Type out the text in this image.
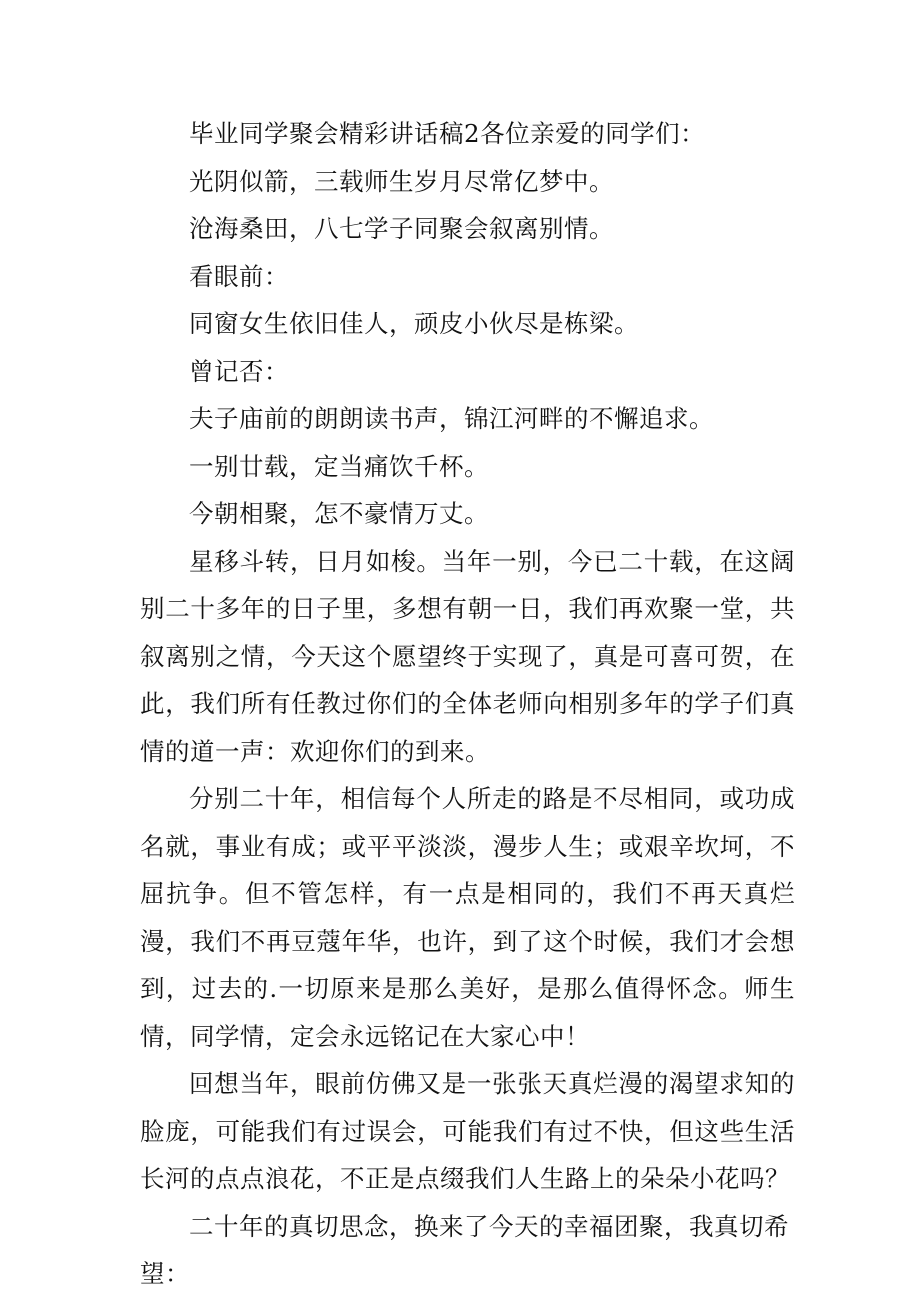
毕业同学聚会精彩讲话稿2各位亲爱的同学们：

光阴似箭，三载师生岁月尽常亿梦中。

沧海桑田，八七学子同聚会叙离别情。

看眼前：

同窗女生依旧佳人，顽皮小伙尽是栋梁。

曾记否：

夫子庙前的朗朗读书声，锦江河畔的不懈追求。

一别廿载，定当痛饮千杯。

今朝相聚，怎不豪情万丈。

星移斗转，日月如梭。当年一别，今已二十载，在这阔别二十多年的日子里，多想有朝一日，我们再欢聚一堂，共叙离别之情，今天这个愿望终于实现了，真是可喜可贺，在此，我们所有任教过你们的全体老师向相别多年的学子们真情的道一声：欢迎你们的到来。

分别二十年，相信每个人所走的路是不尽相同，或功成名就，事业有成；或平平淡淡，漫步人生；或艰辛坎坷，不屈抗争。但不管怎样，有一点是相同的，我们不再天真烂漫，我们不再豆蔻年华，也许，到了这个时候，我们才会想到，过去的.一切原来是那么美好，是那么值得怀念。师生情，同学情，定会永远铭记在大家心中！

回想当年，眼前仿佛又是一张张天真烂漫的渴望求知的脸庞，可能我们有过误会，可能我们有过不快，但这些生活长河的点点浪花，不正是点缀我们人生路上的朵朵小花吗？

二十年的真切思念，换来了今天的幸福团聚，我真切希望：
